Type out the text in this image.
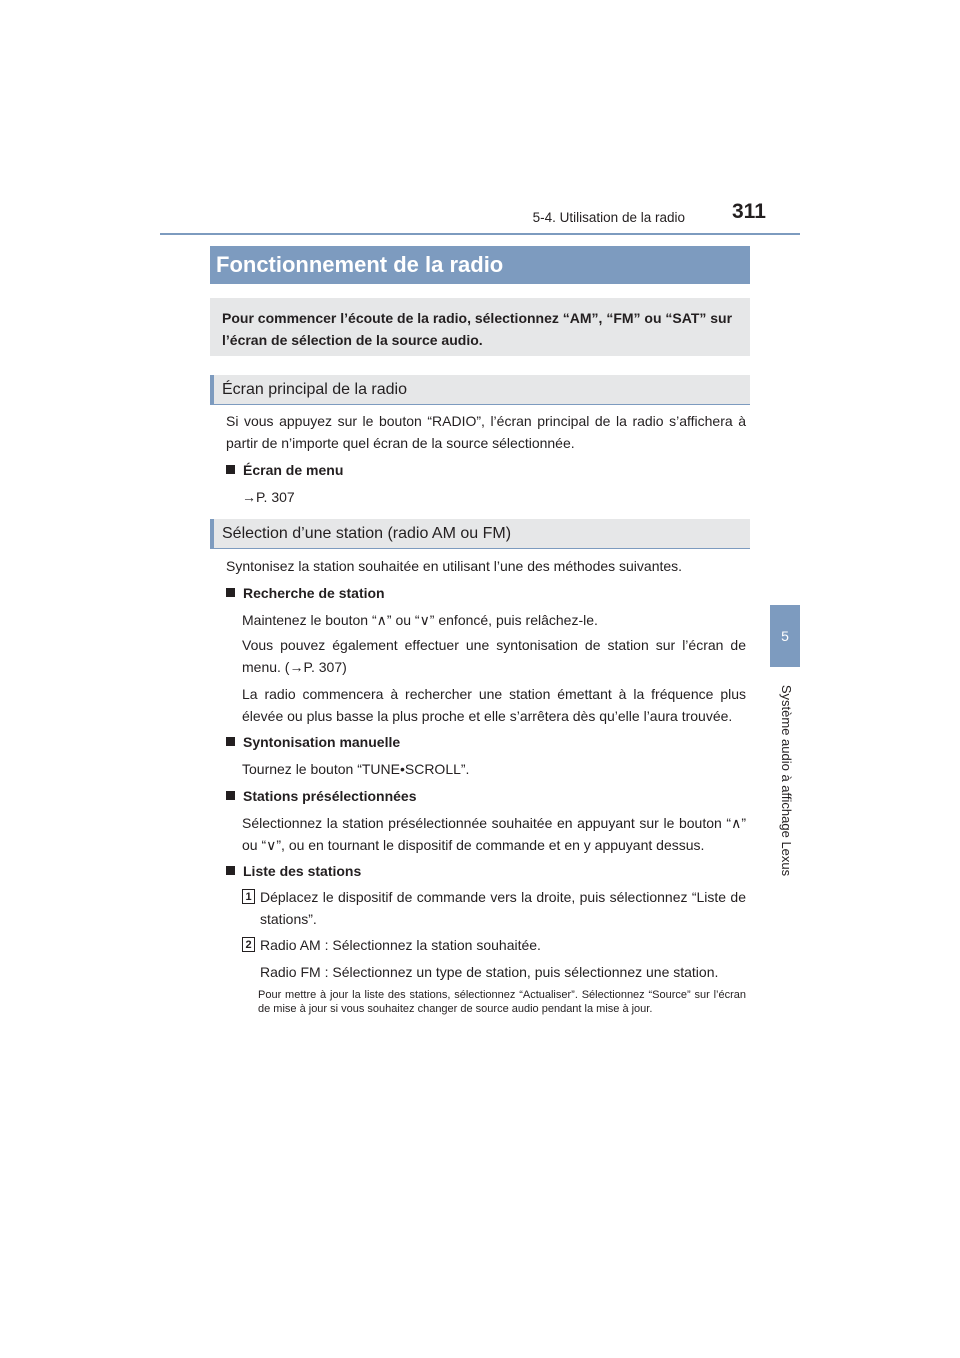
5-4. Utilisation de la radio 311
5
Système audio à affichage Lexus
Fonctionnement de la radio
Pour commencer l’écoute de la radio, sélectionnez “AM”, “FM” ou “SAT” sur l’écran de sélection de la source audio.
Écran principal de la radio
Si vous appuyez sur le bouton “RADIO”, l’écran principal de la radio s’affichera à partir de n’importe quel écran de la source sélectionnée.
Écran de menu
→P. 307
Sélection d’une station (radio AM ou FM)
Syntonisez la station souhaitée en utilisant l’une des méthodes suivantes.
Recherche de station
Maintenez le bouton “∧” ou “∨” enfoncé, puis relâchez-le.
Vous pouvez également effectuer une syntonisation de station sur l’écran de menu. (→P. 307)
La radio commencera à rechercher une station émettant à la fréquence plus élevée ou plus basse la plus proche et elle s’arrêtera dès qu’elle l’aura trouvée.
Syntonisation manuelle
Tournez le bouton “TUNE•SCROLL”.
Stations présélectionnées
Sélectionnez la station présélectionnée souhaitée en appuyant sur le bouton “∧” ou “∨”, ou en tournant le dispositif de commande et en y appuyant dessus.
Liste des stations
1 Déplacez le dispositif de commande vers la droite, puis sélectionnez “Liste de stations”.
2 Radio AM : Sélectionnez la station souhaitée.
Radio FM : Sélectionnez un type de station, puis sélectionnez une station.
Pour mettre à jour la liste des stations, sélectionnez “Actualiser”. Sélectionnez “Source” sur l’écran de mise à jour si vous souhaitez changer de source audio pendant la mise à jour.
